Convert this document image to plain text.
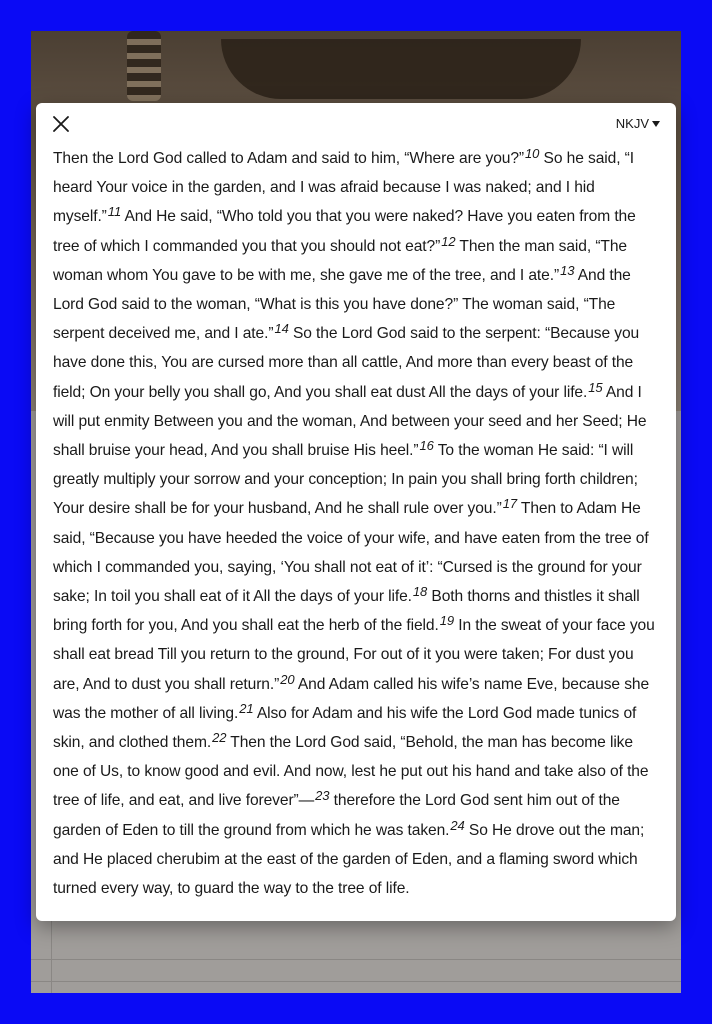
NKJV
Then the Lord God called to Adam and said to him, “Where are you?”$^{10}$ So he said, “I heard Your voice in the garden, and I was afraid because I was naked; and I hid myself.”$^{11}$ And He said, “Who told you that you were naked? Have you eaten from the tree of which I commanded you that you should not eat?”$^{12}$ Then the man said, “The woman whom You gave to be with me, she gave me of the tree, and I ate.”$^{13}$ And the Lord God said to the woman, “What is this you have done?” The woman said, “The serpent deceived me, and I ate.”$^{14}$ So the Lord God said to the serpent: “Because you have done this, You are cursed more than all cattle, And more than every beast of the field; On your belly you shall go, And you shall eat dust All the days of your life.$^{15}$ And I will put enmity Between you and the woman, And between your seed and her Seed; He shall bruise your head, And you shall bruise His heel.”$^{16}$ To the woman He said: “I will greatly multiply your sorrow and your conception; In pain you shall bring forth children; Your desire shall be for your husband, And he shall rule over you.”$^{17}$ Then to Adam He said, “Because you have heeded the voice of your wife, and have eaten from the tree of which I commanded you, saying, ‘You shall not eat of it’: “Cursed is the ground for your sake; In toil you shall eat of it All the days of your life.$^{18}$ Both thorns and thistles it shall bring forth for you, And you shall eat the herb of the field.$^{19}$ In the sweat of your face you shall eat bread Till you return to the ground, For out of it you were taken; For dust you are, And to dust you shall return.”$^{20}$ And Adam called his wife’s name Eve, because she was the mother of all living.$^{21}$ Also for Adam and his wife the Lord God made tunics of skin, and clothed them.$^{22}$ Then the Lord God said, “Behold, the man has become like one of Us, to know good and evil. And now, lest he put out his hand and take also of the tree of life, and eat, and live forever”—$^{23}$ therefore the Lord God sent him out of the garden of Eden to till the ground from which he was taken.$^{24}$ So He drove out the man; and He placed cherubim at the east of the garden of Eden, and a flaming sword which turned every way, to guard the way to the tree of life.
